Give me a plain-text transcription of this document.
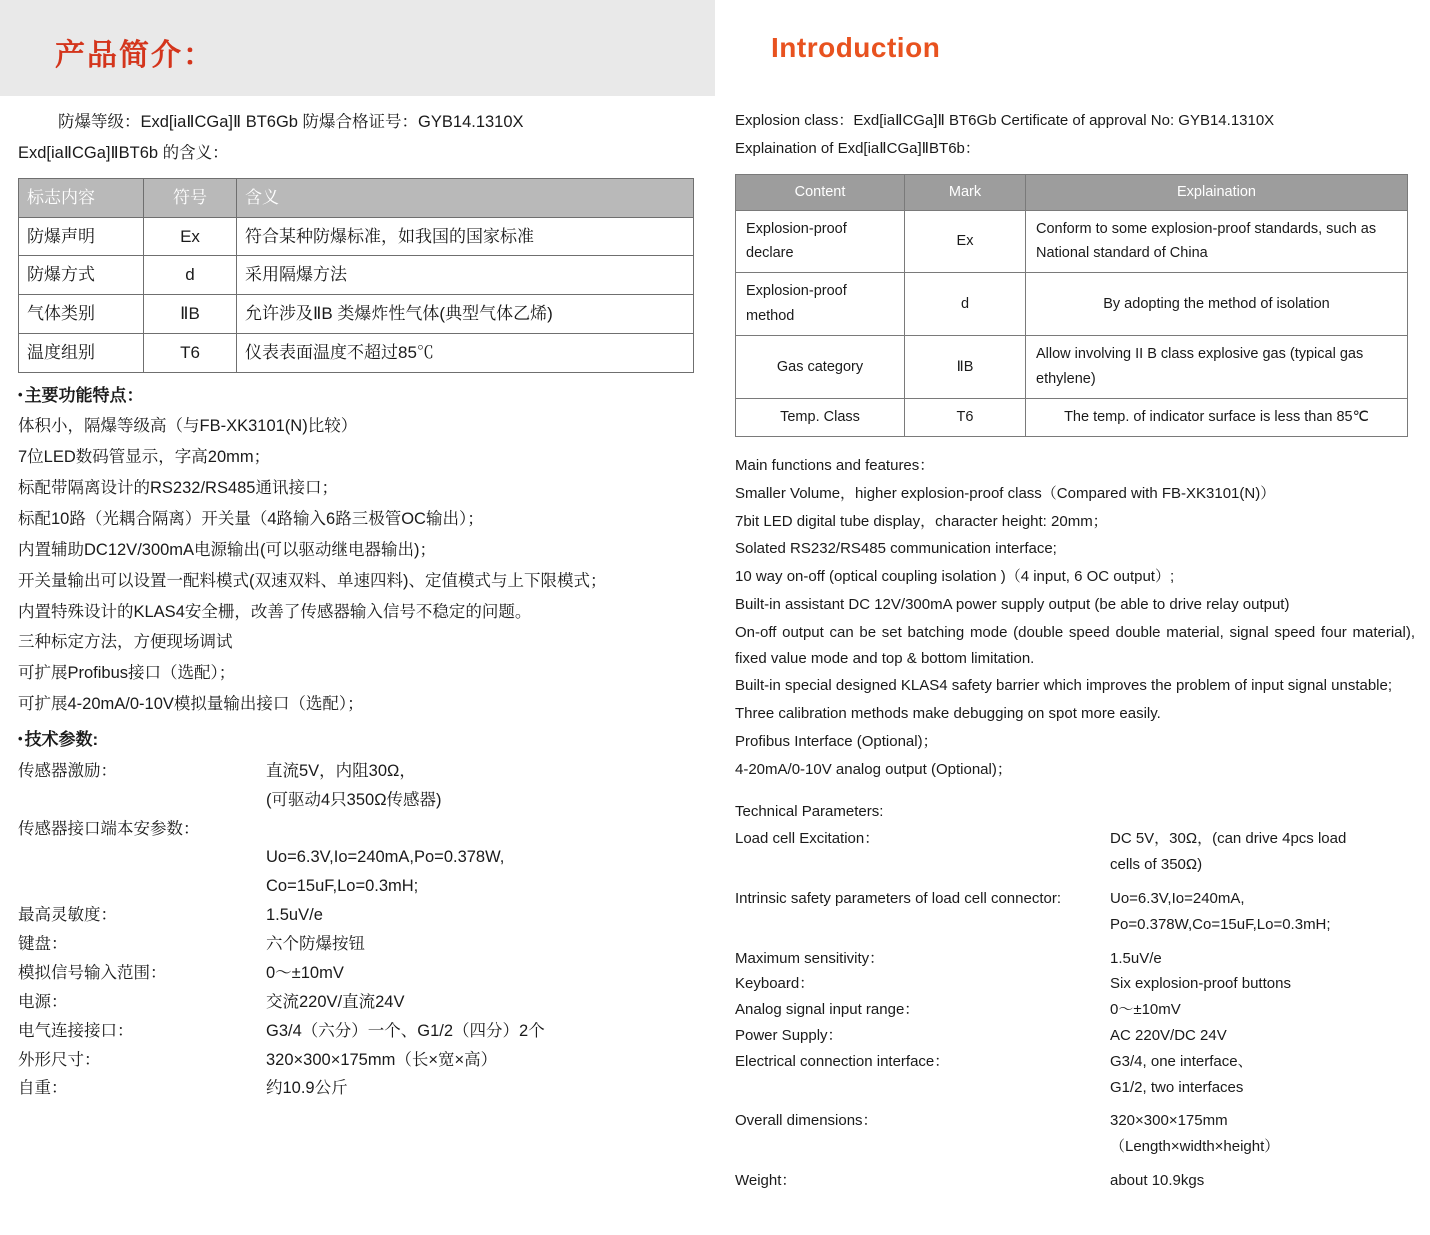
产品简介：	Introduction
防爆等级：Exd[iaⅡCGa]Ⅱ BT6Gb 防爆合格证号：GYB14.1310X
Exd[iaⅡCGa]ⅡBT6b 的含义：
标志内容	符号	含义
防爆声明	Ex	符合某种防爆标准，如我国的国家标准
防爆方式	d	采用隔爆方法
气体类别	ⅡB	允许涉及ⅡB 类爆炸性气体(典型气体乙烯)
温度组别	T6	仪表表面温度不超过85℃
• 主要功能特点：
体积小，隔爆等级高（与FB-XK3101(N)比较）
7位LED数码管显示，字高20mm；
标配带隔离设计的RS232/RS485通讯接口；
标配10路（光耦合隔离）开关量（4路输入6路三极管OC输出）；
内置辅助DC12V/300mA电源输出(可以驱动继电器输出)；
开关量输出可以设置一配料模式(双速双料、单速四料)、定值模式与上下限模式；
内置特殊设计的KLAS4安全栅，改善了传感器输入信号不稳定的问题。
三种标定方法，方便现场调试
可扩展Profibus接口（选配）；
可扩展4-20mA/0-10V模拟量输出接口（选配）；
• 技术参数:
传感器激励：	直流5V，内阻30Ω，
(可驱动4只350Ω传感器)
传感器接口端本安参数：
Uo=6.3V,Io=240mA,Po=0.378W,
Co=15uF,Lo=0.3mH;
最高灵敏度：	1.5uV/e
键盘：	六个防爆按钮
模拟信号输入范围：	0～±10mV
电源：	交流220V/直流24V
电气连接接口：	G3/4（六分）一个、G1/2（四分）2个
外形尺寸：	320×300×175mm（长×宽×高）
自重：	约10.9公斤
Explosion class：Exd[iaⅡCGa]Ⅱ BT6Gb Certificate of approval No: GYB14.1310X
Explaination of Exd[iaⅡCGa]ⅡBT6b：
Content	Mark	Explaination
Explosion-proof declare	Ex	Conform to some explosion-proof standards, such as National standard of China
Explosion-proof method	d	By adopting the method of isolation
Gas category	ⅡB	Allow involving II B class explosive gas (typical gas ethylene)
Temp. Class	T6	The temp. of indicator surface is less than 85℃
Main functions and features：
Smaller Volume，higher explosion-proof class（Compared with FB-XK3101(N)）
7bit LED digital tube display，character height: 20mm；
Solated RS232/RS485 communication interface;
10 way on-off (optical coupling isolation )（4 input, 6 OC output）;
Built-in assistant DC 12V/300mA power supply output (be able to drive relay output)
On-off output can be set batching mode (double speed double material, signal speed four material), fixed value mode and top & bottom limitation.
Built-in special designed KLAS4 safety barrier which improves the problem of input signal unstable;
Three calibration methods make debugging on spot more easily.
Profibus Interface (Optional)；
4-20mA/0-10V analog output (Optional)；
Technical Parameters:
Load cell Excitation：	DC 5V，30Ω，(can drive 4pcs load
cells of 350Ω)
Intrinsic safety parameters of load cell connector:	Uo=6.3V,Io=240mA,
Po=0.378W,Co=15uF,Lo=0.3mH;
Maximum sensitivity：	1.5uV/e
Keyboard：	Six explosion-proof buttons
Analog signal input range：	0～±10mV
Power Supply：	AC 220V/DC 24V
Electrical connection interface：	G3/4, one interface、
G1/2, two interfaces
Overall dimensions：	320×300×175mm
（Length×width×height）
Weight：	about 10.9kgs
